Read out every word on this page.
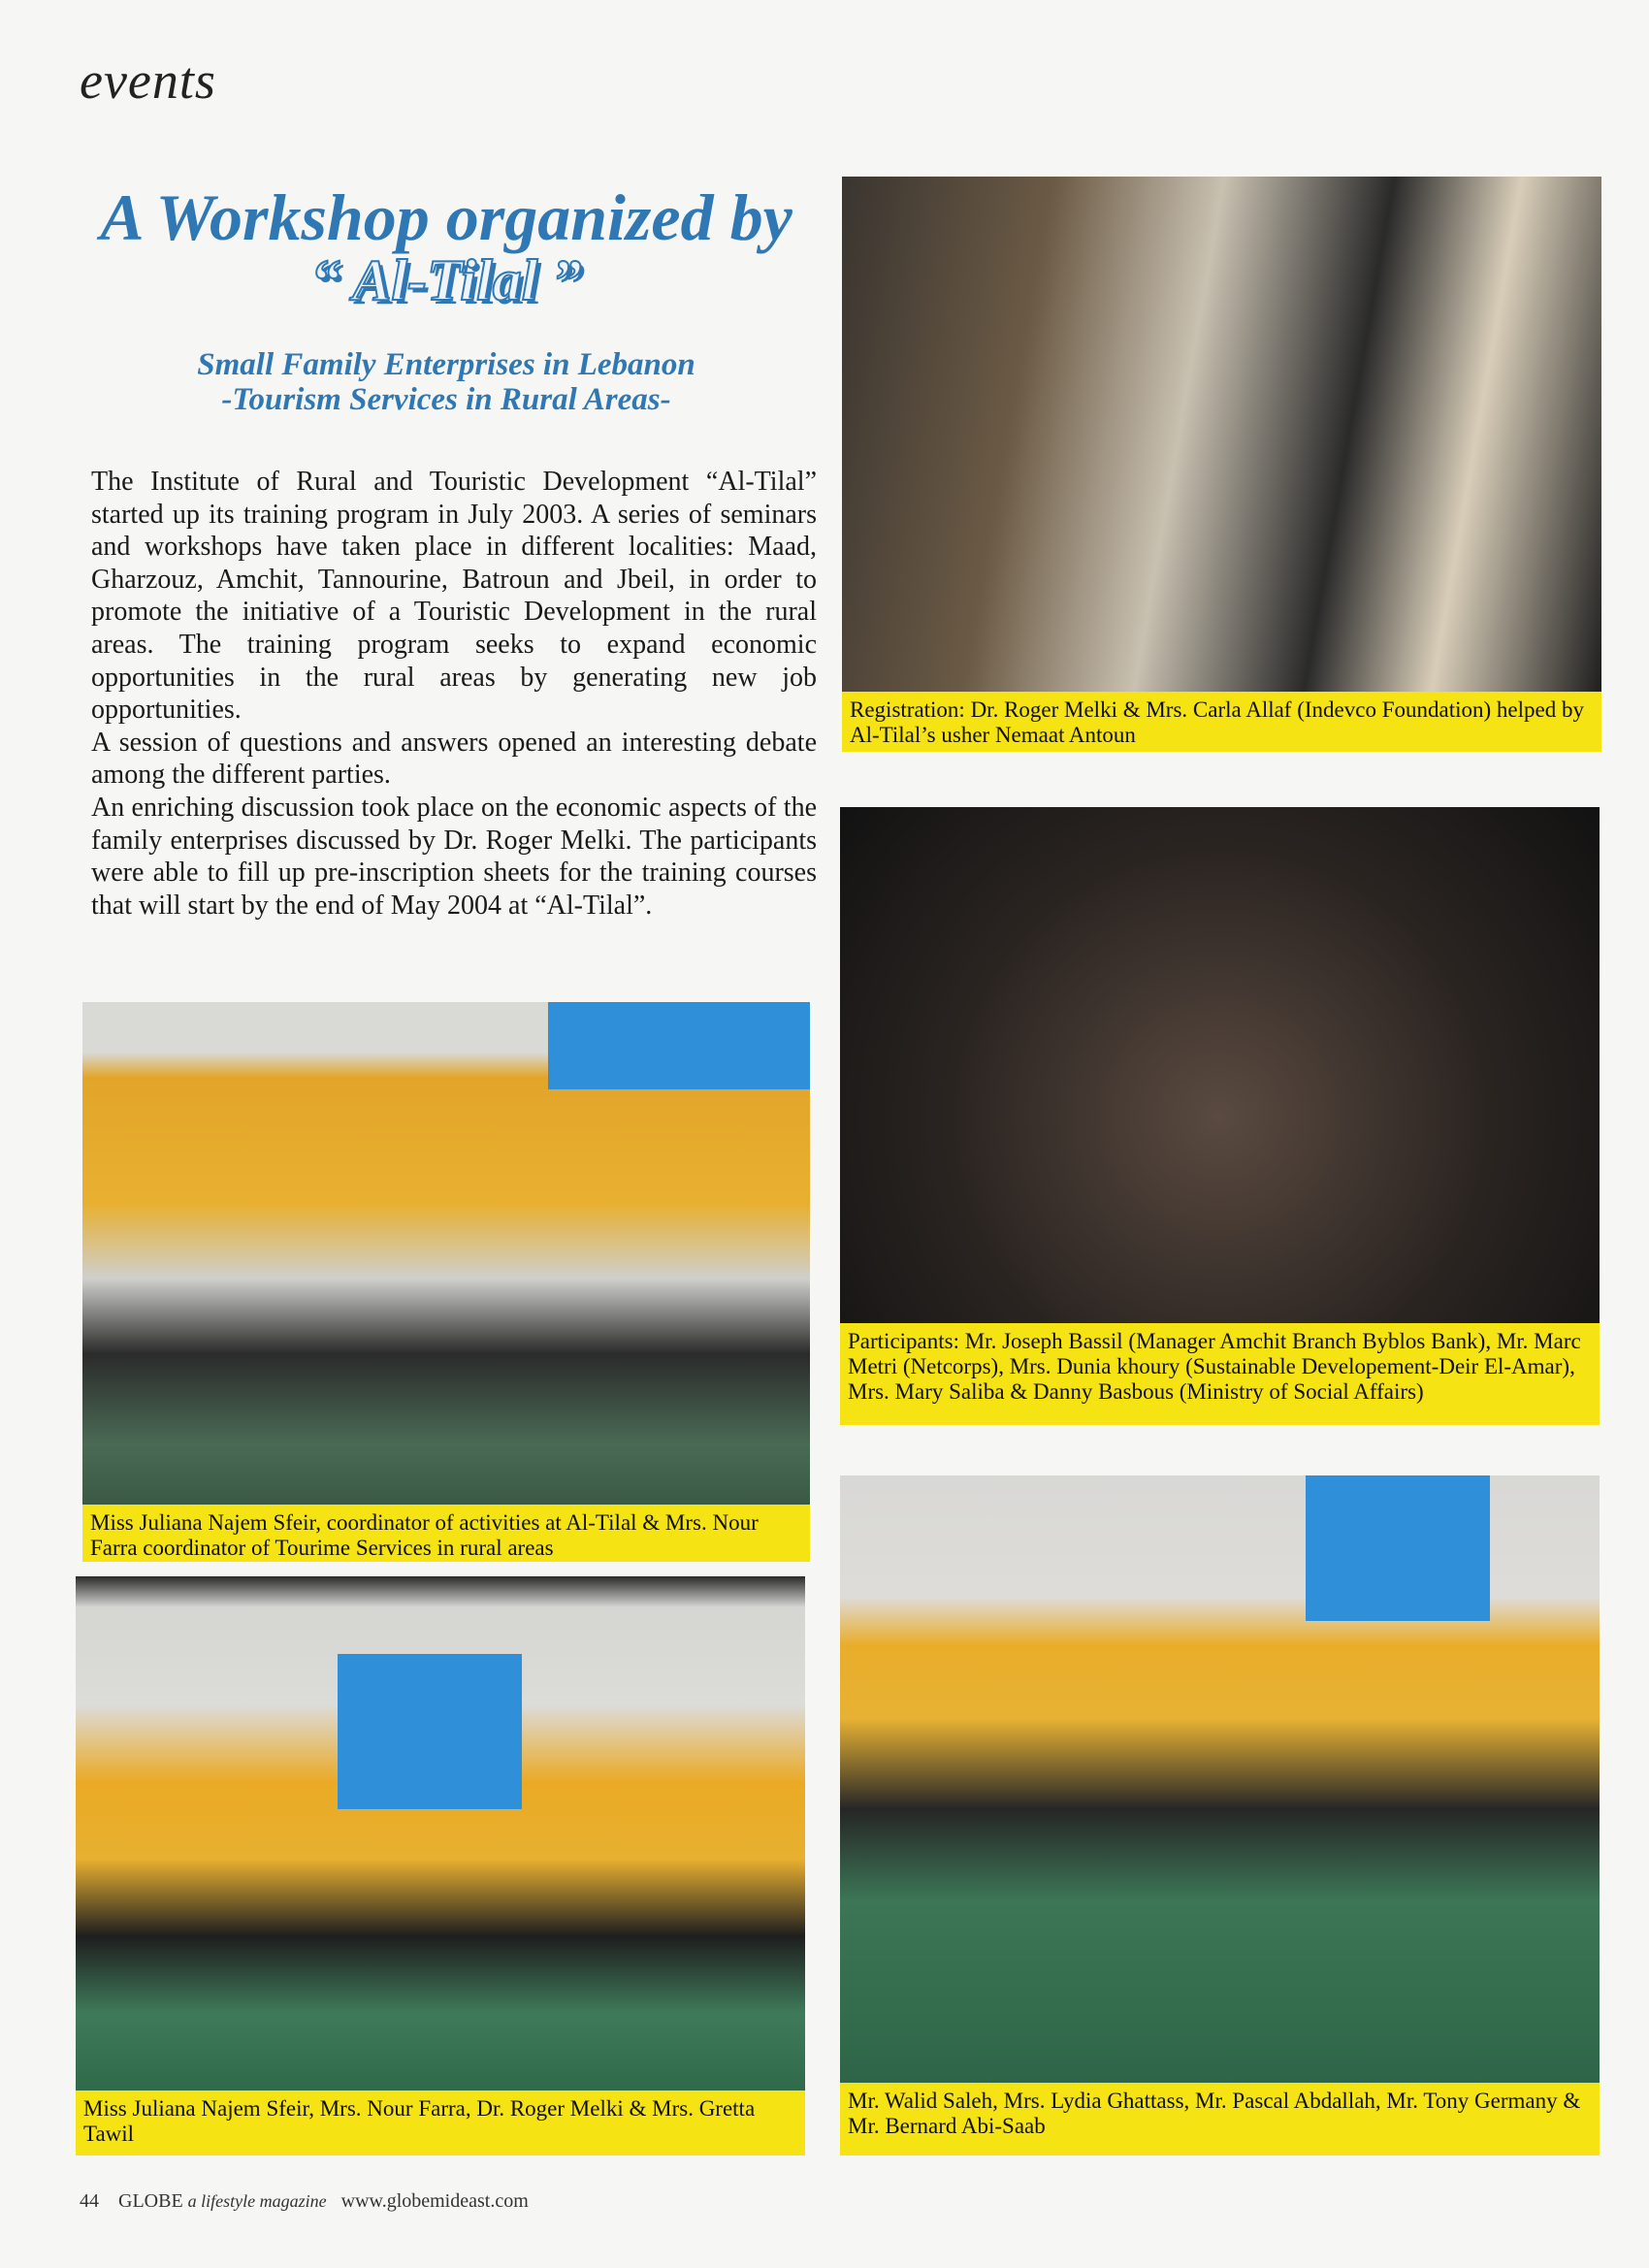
events
A Workshop organized by
“ Al-Tilal ”
Small Family Enterprises in Lebanon
-Tourism Services in Rural Areas-

The Institute of Rural and Touristic Development “Al-Tilal” started up its training program in July 2003. A series of seminars and workshops have taken place in different localities: Maad, Gharzouz, Amchit, Tannourine, Batroun and Jbeil, in order to promote the initiative of a Touristic Development in the rural areas. The training program seeks to expand economic opportunities in the rural areas by generating new job opportunities.

A session of questions and answers opened an interesting debate among the different parties.

An enriching discussion took place on the economic aspects of the family enterprises discussed by Dr. Roger Melki. The participants were able to fill up pre-inscription sheets for the training courses that will start by the end of May 2004 at “Al-Tilal”.

Registration: Dr. Roger Melki & Mrs. Carla Allaf (Indevco Foundation) helped by Al-Tilal’s usher Nemaat Antoun
Participants: Mr. Joseph Bassil (Manager Amchit Branch Byblos Bank), Mr. Marc Metri (Netcorps), Mrs. Dunia khoury (Sustainable Developement-Deir El-Amar), Mrs. Mary Saliba & Danny Basbous (Ministry of Social Affairs)
Miss Juliana Najem Sfeir, coordinator of activities at Al-Tilal & Mrs. Nour Farra coordinator of Tourime Services in rural areas
Miss Juliana Najem Sfeir, Mrs. Nour Farra, Dr. Roger Melki & Mrs. Gretta Tawil
Mr. Walid Saleh, Mrs. Lydia Ghattass, Mr. Pascal Abdallah, Mr. Tony Germany & Mr. Bernard Abi-Saab
44 GLOBE a lifestyle magazine www.globemideast.com
